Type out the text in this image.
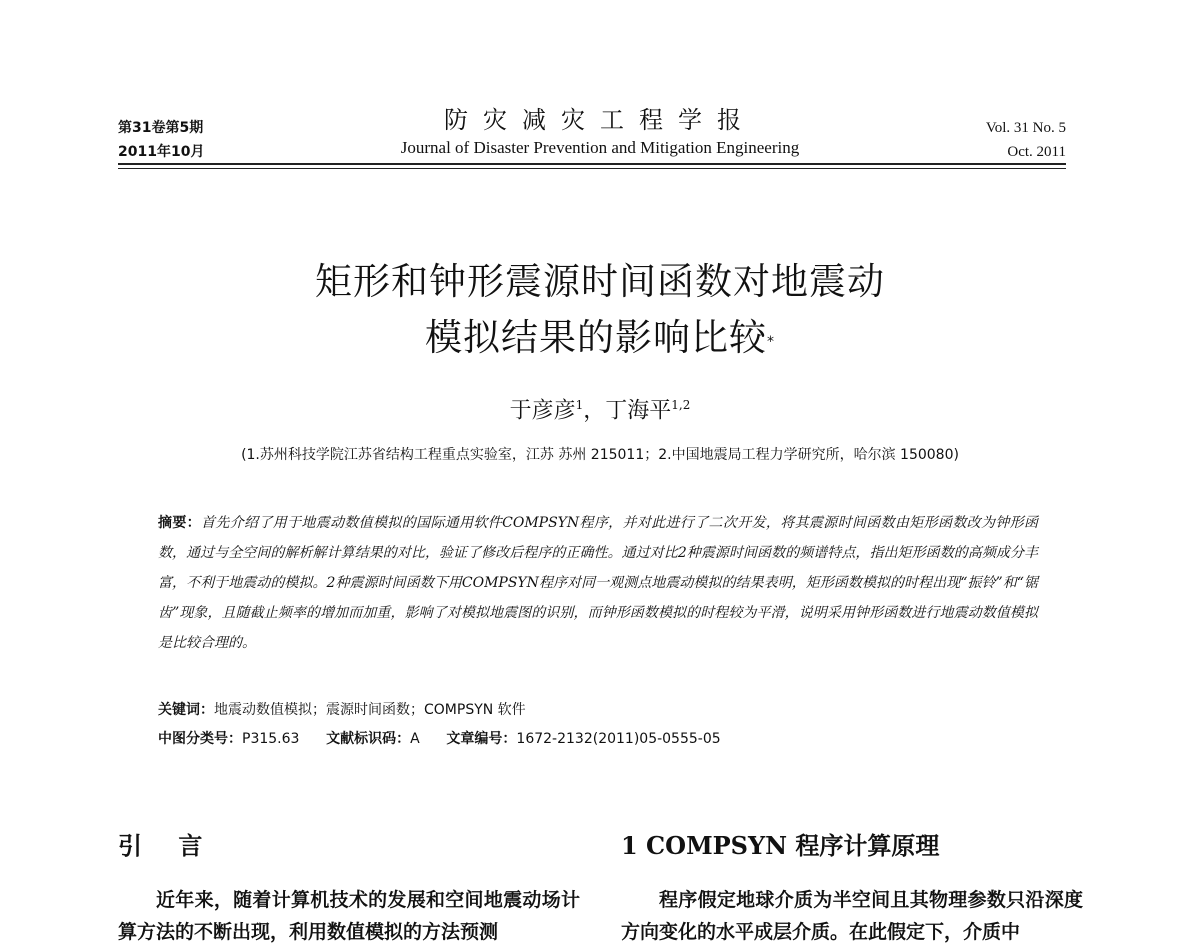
第31卷第5期
2011年10月
防灾减灾工程学报
Journal of Disaster Prevention and Mitigation Engineering
Vol. 31 No. 5
Oct. 2011
矩形和钟形震源时间函数对地震动
模拟结果的影响比较*
于彦彦$^1$，丁海平$^{1,2}$
(1.苏州科技学院江苏省结构工程重点实验室，江苏 苏州 215011；2.中国地震局工程力学研究所，哈尔滨 150080)
摘要：首先介绍了用于地震动数值模拟的国际通用软件COMPSYN程序，并对此进行了二次开发，将其震源时间函数由矩形函数改为钟形函数，通过与全空间的解析解计算结果的对比，验证了修改后程序的正确性。通过对比2种震源时间函数的频谱特点，指出矩形函数的高频成分丰富，不利于地震动的模拟。2种震源时间函数下用COMPSYN程序对同一观测点地震动模拟的结果表明，矩形函数模拟的时程出现“振铃”和“锯齿”现象，且随截止频率的增加而加重，影响了对模拟地震图的识别，而钟形函数模拟的时程较为平滑，说明采用钟形函数进行地震动数值模拟是比较合理的。
关键词：地震动数值模拟；震源时间函数；COMPSYN 软件
中图分类号：P315.63 文献标识码：A 文章编号：1672-2132(2011)05-0555-05
引 言	1 COMPSYN 程序计算原理
近年来，随着计算机技术的发展和空间地震动场计算方法的不断出现，利用数值模拟的方法预测
程序假定地球介质为半空间且其物理参数只沿深度方向变化的水平成层介质。在此假定下，介质中
